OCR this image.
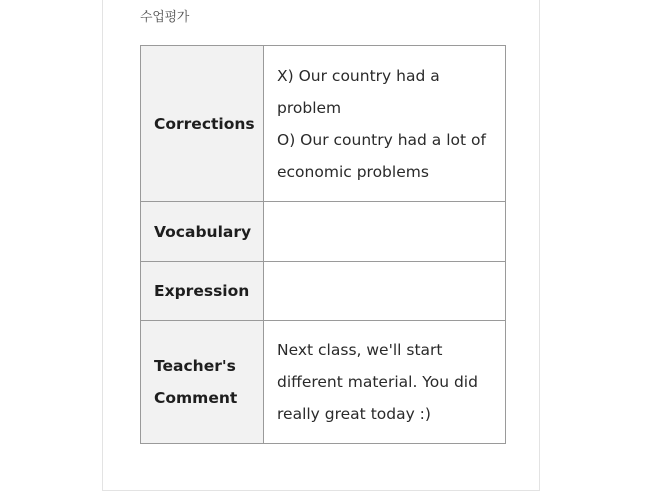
수업평가
Corrections	X) Our country had a
problem
O) Our country had a lot of
economic problems

Vocabulary	
Expression	

Teacher's
Comment	Next class, we'll start
different material. You did
really great today :)
